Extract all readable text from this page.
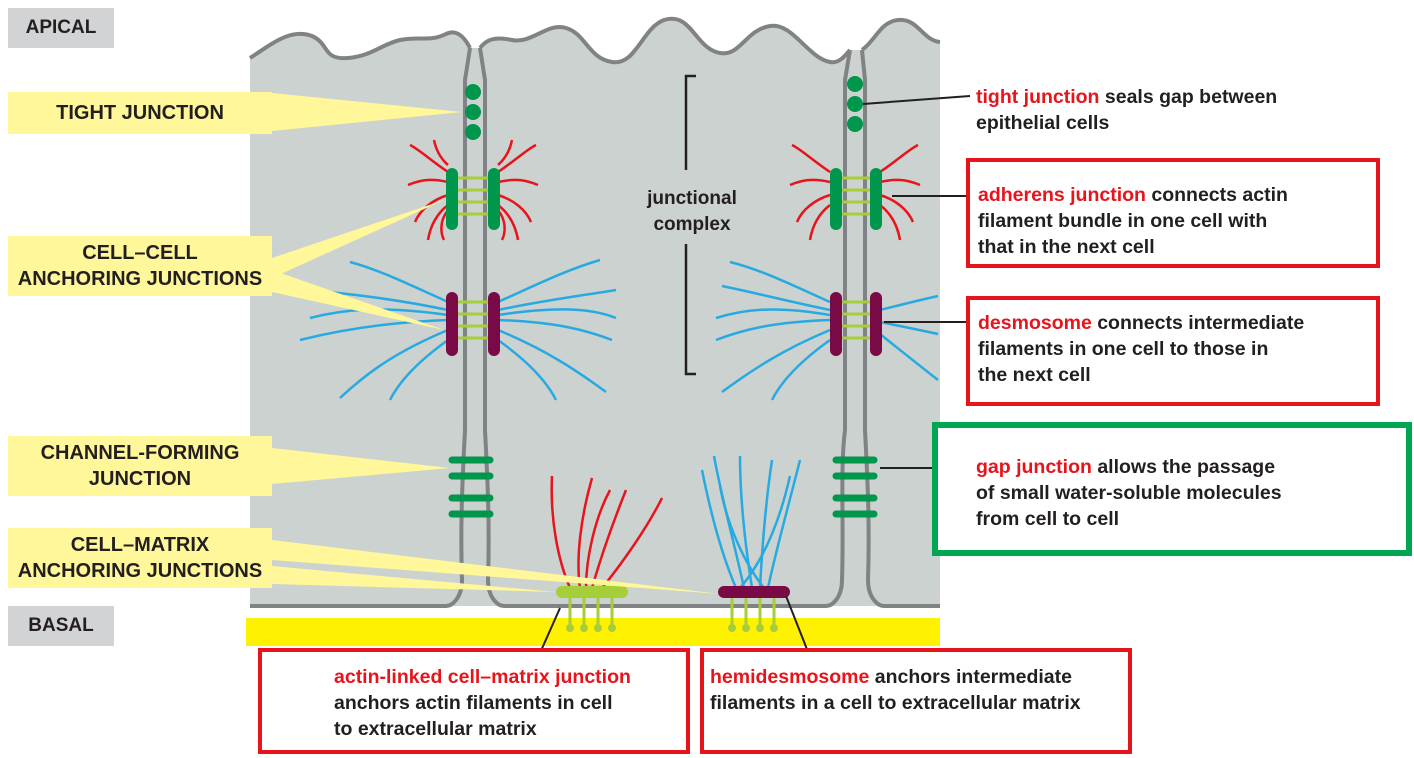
APICAL
BASAL
TIGHT JUNCTION
CELL–CELL
ANCHORING JUNCTIONS
CHANNEL-FORMING
JUNCTION
CELL–MATRIX
ANCHORING JUNCTIONS
junctional
complex
tight junction seals gap between
epithelial cells
adherens junction connects actin
filament bundle in one cell with
that in the next cell
desmosome connects intermediate
filaments in one cell to those in
the next cell
gap junction allows the passage
of small water-soluble molecules
from cell to cell
actin-linked cell–matrix junction
anchors actin filaments in cell
to extracellular matrix
hemidesmosome anchors intermediate
filaments in a cell to extracellular matrix
